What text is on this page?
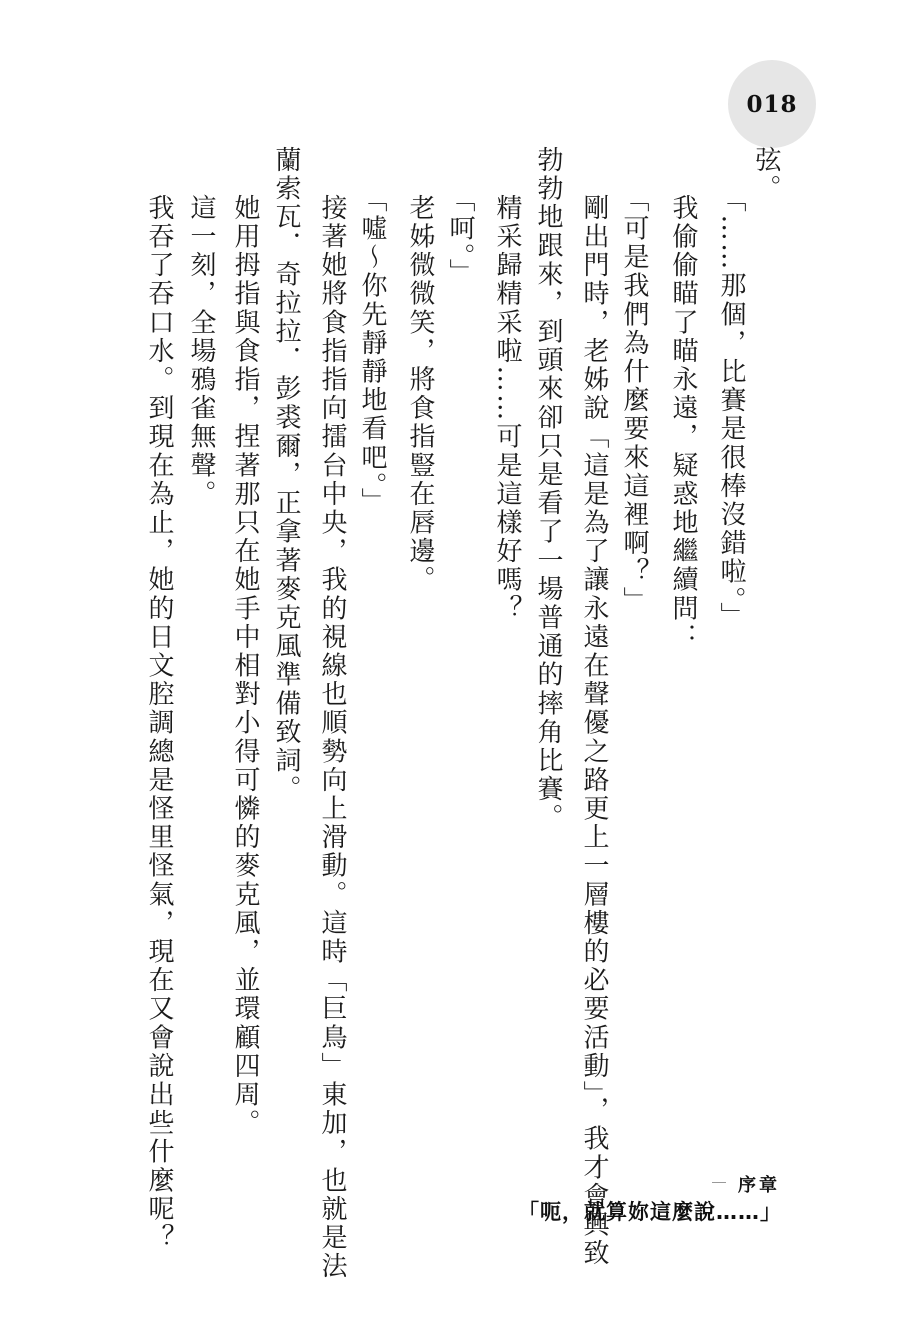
018
弦。
「……那個，比賽是很棒沒錯啦。」
我偷偷瞄了瞄永遠，疑惑地繼續問：
「可是我們為什麼要來這裡啊？」
剛出門時，老姊說「這是為了讓永遠在聲優之路更上一層樓的必要活動」，我才會興致
勃勃地跟來，到頭來卻只是看了一場普通的摔角比賽。
精采歸精采啦……可是這樣好嗎？
「呵。」
老姊微微笑，將食指豎在唇邊。
「噓～你先靜靜地看吧。」
接著她將食指指向擂台中央，我的視線也順勢向上滑動。這時「巨鳥」東加，也就是法
蘭索瓦．奇拉拉．彭裘爾，正拿著麥克風準備致詞。
她用拇指與食指，捏著那只在她手中相對小得可憐的麥克風，並環顧四周。
這一刻，全場鴉雀無聲。
我吞了吞口水。到現在為止，她的日文腔調總是怪里怪氣，現在又會說出些什麼呢？	序章
「呃，就算妳這麼說……」
